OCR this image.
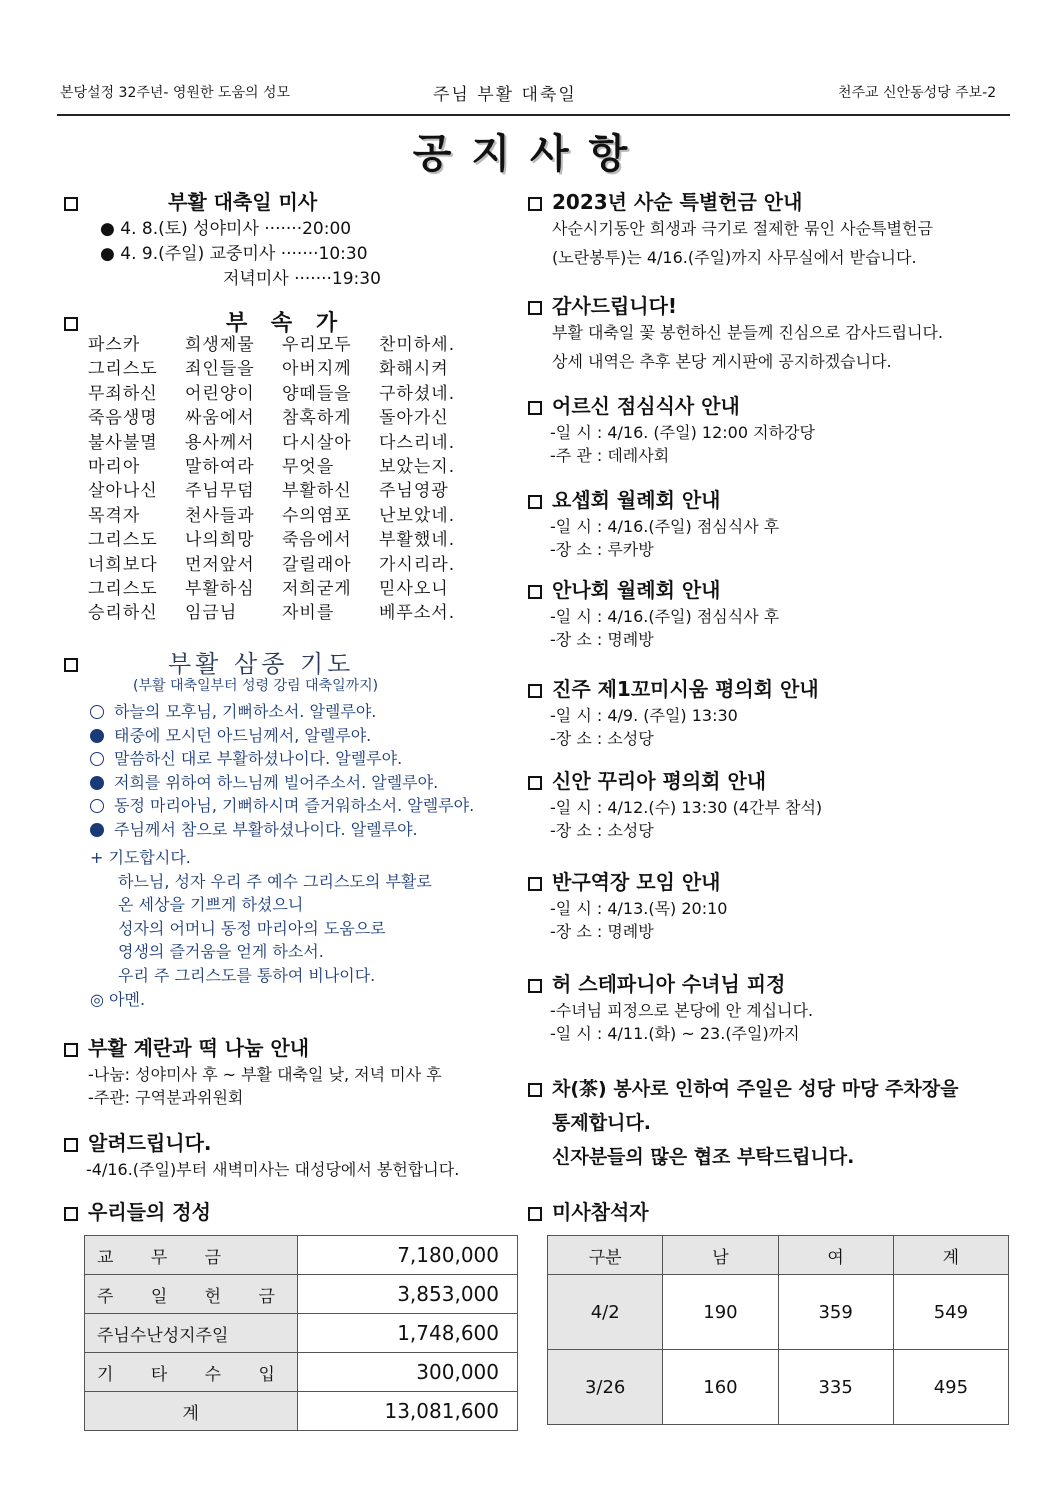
본당설정 32주년- 영원한 도움의 성모	주님 부활 대축일	천주교 신안동성당 주보-2
공지사항
부활 대축일 미사
● 4. 8.(토) 성야미사 ·······20:00
● 4. 9.(주일) 교중미사 ·······10:30
저녁미사 ·······19:30
부 속 가
파스카	희생제물 우리모두 찬미하세.
그리스도 죄인들을 아버지께 화해시켜
무죄하신 어린양이 양떼들을 구하셨네.
죽음생명 싸움에서 참혹하게 돌아가신
불사불멸 용사께서 다시살아 다스리네.
마리아	말하여라 무엇을	보았는지.
살아나신 주님무덤 부활하신 주님영광
목격자	천사들과 수의염포 난보았네.
그리스도 나의희망 죽음에서 부활했네.
너희보다 먼저앞서 갈릴래아 가시리라.
그리스도 부활하심 저희굳게 믿사오니
승리하신 임금님	자비를	베푸소서.
부활 삼종 기도
(부활 대축일부터 성령 강림 대축일까지)
하늘의 모후님, 기뻐하소서. 알렐루야.
태중에 모시던 아드님께서, 알렐루야.
말씀하신 대로 부활하셨나이다. 알렐루야.
저희를 위하여 하느님께 빌어주소서. 알렐루야.
동정 마리아님, 기뻐하시며 즐거워하소서. 알렐루야.
주님께서 참으로 부활하셨나이다. 알렐루야.
+ 기도합시다.
하느님, 성자 우리 주 예수 그리스도의 부활로
온 세상을 기쁘게 하셨으니
성자의 어머니 동정 마리아의 도움으로
영생의 즐거움을 얻게 하소서.
우리 주 그리스도를 통하여 비나이다.
◎ 아멘.
부활 계란과 떡 나눔 안내
-나눔: 성야미사 후 ~ 부활 대축일 낮, 저녁 미사 후
-주관: 구역분과위원회
알려드립니다.
-4/16.(주일)부터 새벽미사는 대성당에서 봉헌합니다.
2023년 사순 특별헌금 안내
사순시기동안 희생과 극기로 절제한 묶인 사순특별헌금
(노란봉투)는 4/16.(주일)까지 사무실에서 받습니다.
감사드립니다!
부활 대축일 꽃 봉헌하신 분들께 진심으로 감사드립니다.
상세 내역은 추후 본당 게시판에 공지하겠습니다.
어르신 점심식사 안내
-일 시 : 4/16. (주일) 12:00 지하강당
-주 관 : 데레사회
요셉회 월례회 안내
-일 시 : 4/16.(주일) 점심식사 후
-장 소 : 루카방
안나회 월례회 안내
-일 시 : 4/16.(주일) 점심식사 후
-장 소 : 명례방
진주 제1꼬미시움 평의회 안내
-일 시 : 4/9. (주일) 13:30
-장 소 : 소성당
신안 꾸리아 평의회 안내
-일 시 : 4/12.(수) 13:30 (4간부 참석)
-장 소 : 소성당
반구역장 모임 안내
-일 시 : 4/13.(목) 20:10
-장 소 : 명례방
허 스테파니아 수녀님 피정
-수녀님 피정으로 본당에 안 계십니다.
-일 시 : 4/11.(화) ~ 23.(주일)까지
차(茶) 봉사로 인하여 주일은 성당 마당 주차장을
통제합니다.
신자분들의 많은 협조 부탁드립니다.
우리들의 정성
교 무 금	7,180,000
주 일 헌 금	3,853,000
주님수난성지주일	1,748,600
기 타 수 입	300,000
계	13,081,600
미사참석자
구분	남	여	계
4/2	190	359	549
3/26	160	335	495
